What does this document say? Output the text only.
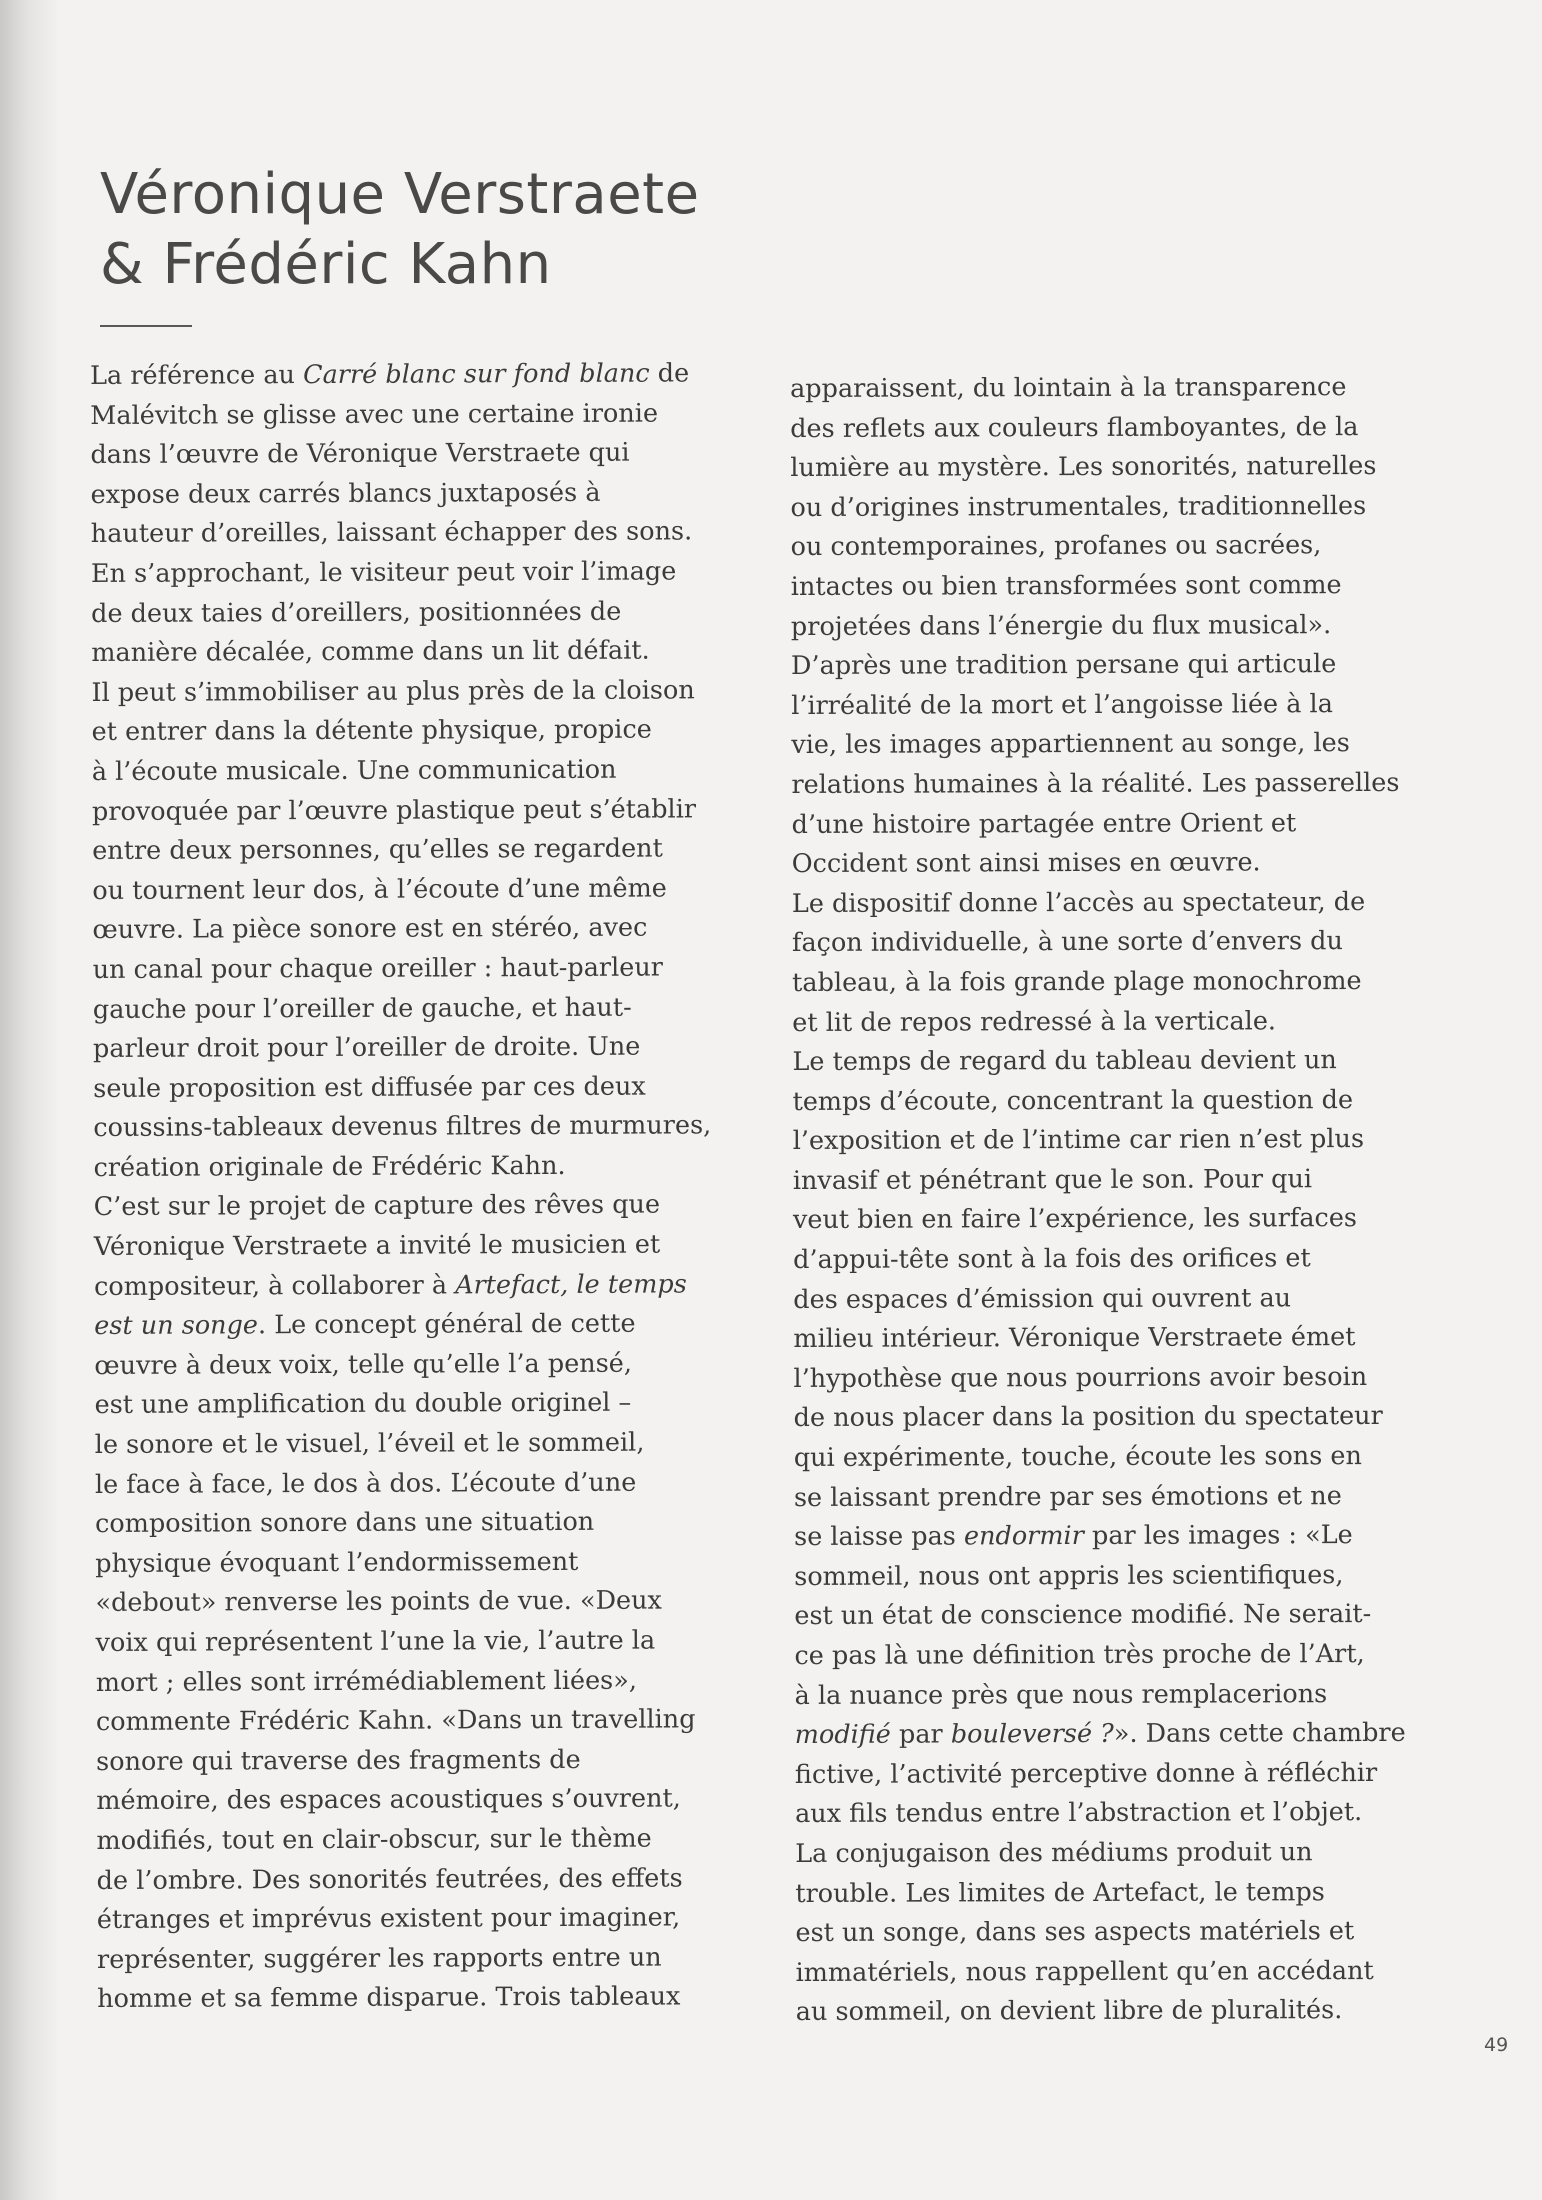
Véronique Verstraete
& Frédéric Kahn
La référence au Carré blanc sur fond blanc de
Malévitch se glisse avec une certaine ironie
dans l’œuvre de Véronique Verstraete qui
expose deux carrés blancs juxtaposés à
hauteur d’oreilles, laissant échapper des sons.
En s’approchant, le visiteur peut voir l’image
de deux taies d’oreillers, positionnées de
manière décalée, comme dans un lit défait.
Il peut s’immobiliser au plus près de la cloison
et entrer dans la détente physique, propice
à l’écoute musicale. Une communication
provoquée par l’œuvre plastique peut s’établir
entre deux personnes, qu’elles se regardent
ou tournent leur dos, à l’écoute d’une même
œuvre. La pièce sonore est en stéréo, avec
un canal pour chaque oreiller : haut-parleur
gauche pour l’oreiller de gauche, et haut-
parleur droit pour l’oreiller de droite. Une
seule proposition est diffusée par ces deux
coussins-tableaux devenus filtres de murmures,
création originale de Frédéric Kahn.
C’est sur le projet de capture des rêves que
Véronique Verstraete a invité le musicien et
compositeur, à collaborer à Artefact, le temps
est un songe. Le concept général de cette
œuvre à deux voix, telle qu’elle l’a pensé,
est une amplification du double originel –
le sonore et le visuel, l’éveil et le sommeil,
le face à face, le dos à dos. L’écoute d’une
composition sonore dans une situation
physique évoquant l’endormissement
«debout» renverse les points de vue. «Deux
voix qui représentent l’une la vie, l’autre la
mort ; elles sont irrémédiablement liées»,
commente Frédéric Kahn. «Dans un travelling
sonore qui traverse des fragments de
mémoire, des espaces acoustiques s’ouvrent,
modifiés, tout en clair-obscur, sur le thème
de l’ombre. Des sonorités feutrées, des effets
étranges et imprévus existent pour imaginer,
représenter, suggérer les rapports entre un
homme et sa femme disparue. Trois tableaux
apparaissent, du lointain à la transparence
des reflets aux couleurs flamboyantes, de la
lumière au mystère. Les sonorités, naturelles
ou d’origines instrumentales, traditionnelles
ou contemporaines, profanes ou sacrées,
intactes ou bien transformées sont comme
projetées dans l’énergie du flux musical».
D’après une tradition persane qui articule
l’irréalité de la mort et l’angoisse liée à la
vie, les images appartiennent au songe, les
relations humaines à la réalité. Les passerelles
d’une histoire partagée entre Orient et
Occident sont ainsi mises en œuvre.
Le dispositif donne l’accès au spectateur, de
façon individuelle, à une sorte d’envers du
tableau, à la fois grande plage monochrome
et lit de repos redressé à la verticale.
Le temps de regard du tableau devient un
temps d’écoute, concentrant la question de
l’exposition et de l’intime car rien n’est plus
invasif et pénétrant que le son. Pour qui
veut bien en faire l’expérience, les surfaces
d’appui-tête sont à la fois des orifices et
des espaces d’émission qui ouvrent au
milieu intérieur. Véronique Verstraete émet
l’hypothèse que nous pourrions avoir besoin
de nous placer dans la position du spectateur
qui expérimente, touche, écoute les sons en
se laissant prendre par ses émotions et ne
se laisse pas endormir par les images : «Le
sommeil, nous ont appris les scientifiques,
est un état de conscience modifié. Ne serait-
ce pas là une définition très proche de l’Art,
à la nuance près que nous remplacerions
modifié par bouleversé ?». Dans cette chambre
fictive, l’activité perceptive donne à réfléchir
aux fils tendus entre l’abstraction et l’objet.
La conjugaison des médiums produit un
trouble. Les limites de Artefact, le temps
est un songe, dans ses aspects matériels et
immatériels, nous rappellent qu’en accédant
au sommeil, on devient libre de pluralités.
49
